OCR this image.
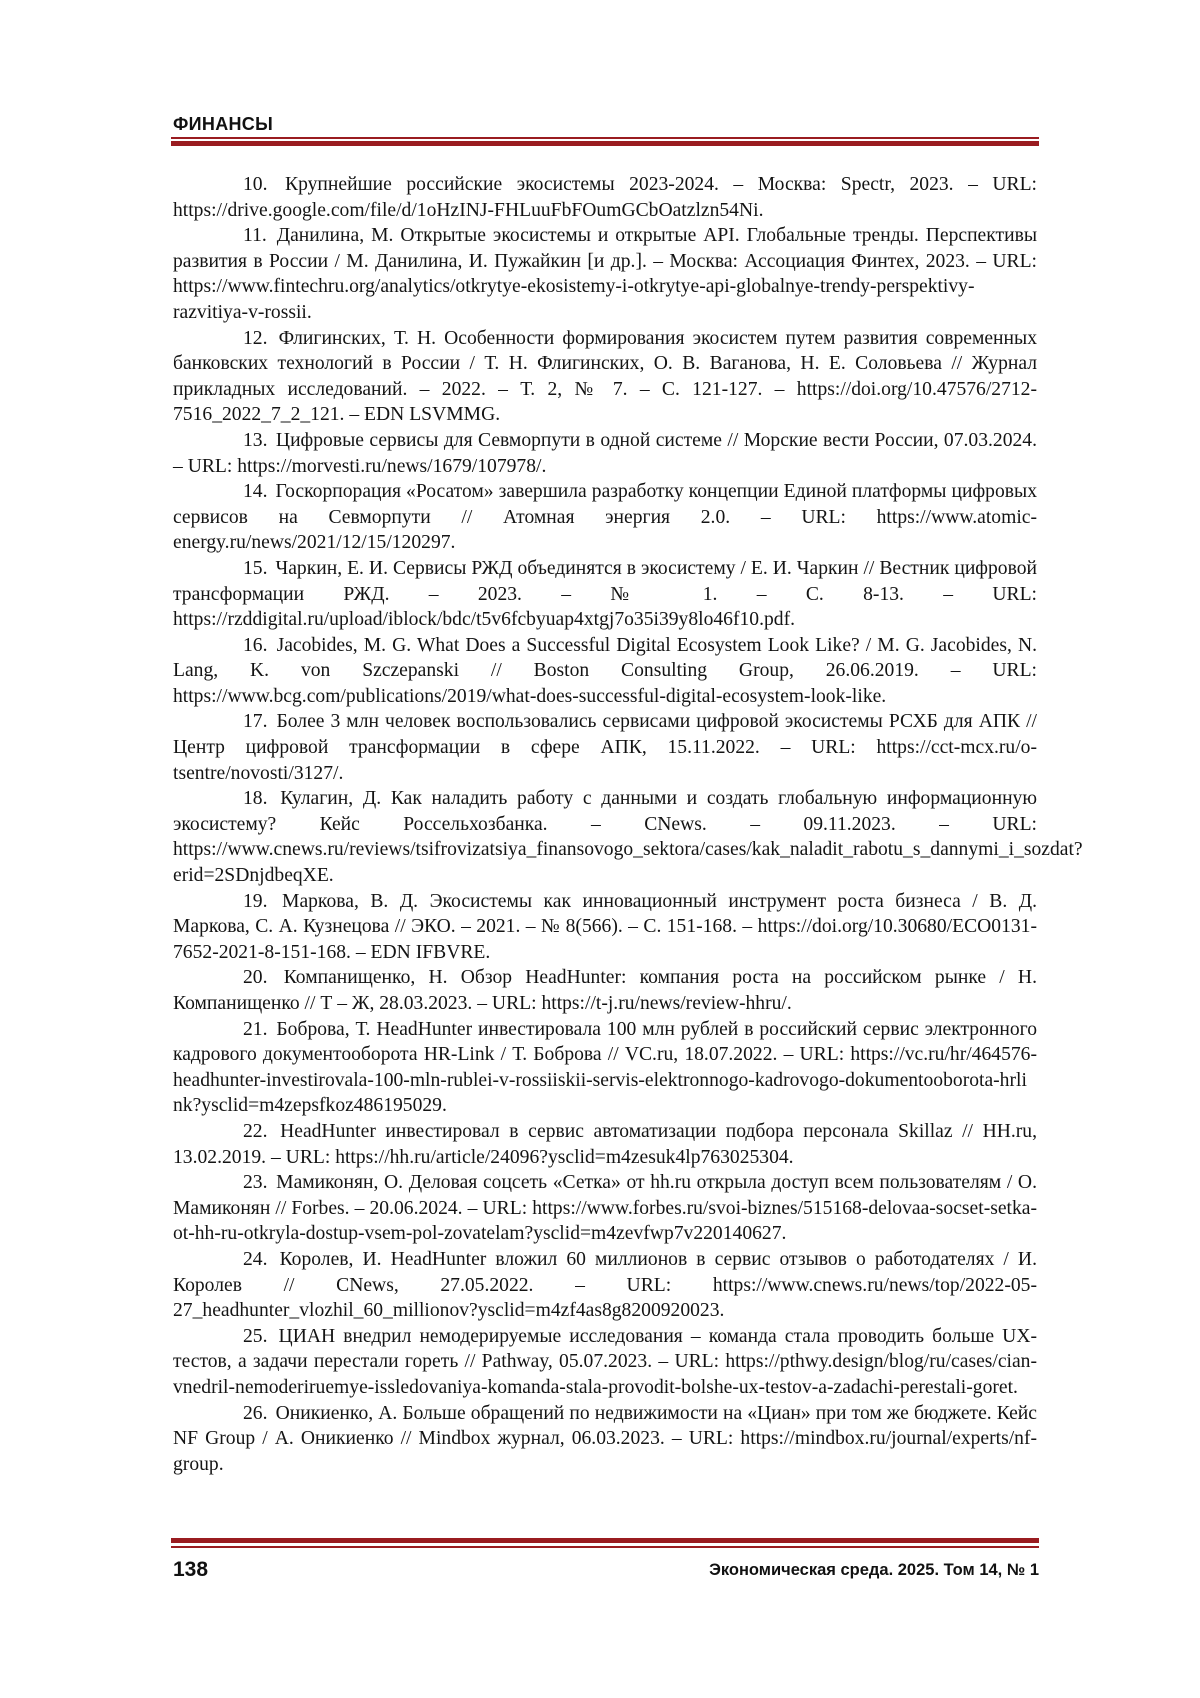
ФИНАНСЫ

10. Крупнейшие российские экосистемы 2023-2024. – Москва: Spectr, 2023. – URL: https://drive.google.com/file/d/1oHzINJ-FHLuuFbFOumGCbOatzlzn54Ni.

11. Данилина, М. Открытые экосистемы и открытые API. Глобальные тренды. Перспективы развития в России / М. Данилина, И. Пужайкин [и др.]. – Москва: Ассоциация Финтех, 2023. – URL: https://www.fintechru.org/analytics/otkrytye-ekosistemy-i-otkrytye-api-globalnye-trendy-perspektivy-razvitiya-v-rossii.

12. Флигинских, Т. Н. Особенности формирования экосистем путем развития современных банковских технологий в России / Т. Н. Флигинских, О. В. Ваганова, Н. Е. Соловьева // Журнал прикладных исследований. – 2022. – Т. 2, № 7. – С. 121-127. – https://doi.org/10.47576/2712-7516_2022_7_2_121. – EDN LSVMMG.

13. Цифровые сервисы для Севморпути в одной системе // Морские вести России, 07.03.2024. – URL: https://morvesti.ru/news/1679/107978/.

14. Госкорпорация «Росатом» завершила разработку концепции Единой платформы цифровых сервисов на Севморпути // Атомная энергия 2.0. – URL: https://www.atomic-energy.ru/news/2021/12/15/120297.

15. Чаркин, Е. И. Сервисы РЖД объединятся в экосистему / Е. И. Чаркин // Вестник цифровой трансформации РЖД. – 2023. – № 1. – С. 8-13. – URL: https://rzddigital.ru/upload/iblock/bdc/t5v6fcbyuap4xtgj7o35i39y8lo46f10.pdf.

16. Jacobides, M. G. What Does a Successful Digital Ecosystem Look Like? / M. G. Jacobides, N. Lang, K. von Szczepanski // Boston Consulting Group, 26.06.2019. – URL: https://www.bcg.com/publications/2019/what-does-successful-digital-ecosystem-look-like.

17. Более 3 млн человек воспользовались сервисами цифровой экосистемы РСХБ для АПК // Центр цифровой трансформации в сфере АПК, 15.11.2022. – URL: https://cct-mcx.ru/o-tsentre/novosti/3127/.

18. Кулагин, Д. Как наладить работу с данными и создать глобальную информационную экосистему? Кейс Россельхозбанка. – CNews. – 09.11.2023. – URL: https://www.cnews.ru/reviews/tsifrovizatsiya_finansovogo_sektora/cases/kak_naladit_rabotu_s_dannymi_i_sozdat?erid=2SDnjdbeqXE.

19. Маркова, В. Д. Экосистемы как инновационный инструмент роста бизнеса / В. Д. Маркова, С. А. Кузнецова // ЭКО. – 2021. – № 8(566). – С. 151-168. – https://doi.org/10.30680/ECO0131-7652-2021-8-151-168. – EDN IFBVRE.

20. Компанищенко, Н. Обзор HeadHunter: компания роста на российском рынке / Н. Компанищенко // Т – Ж, 28.03.2023. – URL: https://t-j.ru/news/review-hhru/.

21. Боброва, Т. HeadHunter инвестировала 100 млн рублей в российский сервис электронного кадрового документооборота HR-Link / Т. Боброва // VC.ru, 18.07.2022. – URL: https://vc.ru/hr/464576-headhunter-investirovala-100-mln-rublei-v-rossiiskii-servis-elektronnogo-kadrovogo-dokumentooborota-hrli nk?ysclid=m4zepsfkoz486195029.

22. HeadHunter инвестировал в сервис автоматизации подбора персонала Skillaz // HH.ru, 13.02.2019. – URL: https://hh.ru/article/24096?ysclid=m4zesuk4lp763025304.

23. Мамиконян, О. Деловая соцсеть «Сетка» от hh.ru открыла доступ всем пользователям / О. Мамиконян // Forbes. – 20.06.2024. – URL: https://www.forbes.ru/svoi-biznes/515168-delovaa-socset-setka-ot-hh-ru-otkryla-dostup-vsem-pol-zovatelam?ysclid=m4zevfwp7v220140627.

24. Королев, И. HeadHunter вложил 60 миллионов в сервис отзывов о работодателях / И. Королев // CNews, 27.05.2022. – URL: https://www.cnews.ru/news/top/2022-05-27_headhunter_vlozhil_60_millionov?ysclid=m4zf4as8g8200920023.

25. ЦИАН внедрил немодерируемые исследования – команда стала проводить больше UX-тестов, а задачи перестали гореть // Pathway, 05.07.2023. – URL: https://pthwy.design/blog/ru/cases/cian-vnedril-nemoderiruemye-issledovaniya-komanda-stala-provodit-bolshe-ux-testov-a-zadachi-perestali-goret.

26. Оникиенко, А. Больше обращений по недвижимости на «Циан» при том же бюджете. Кейс NF Group / А. Оникиенко // Mindbox журнал, 06.03.2023. – URL: https://mindbox.ru/journal/experts/nf-group.

138	Экономическая среда. 2025. Том 14, № 1
